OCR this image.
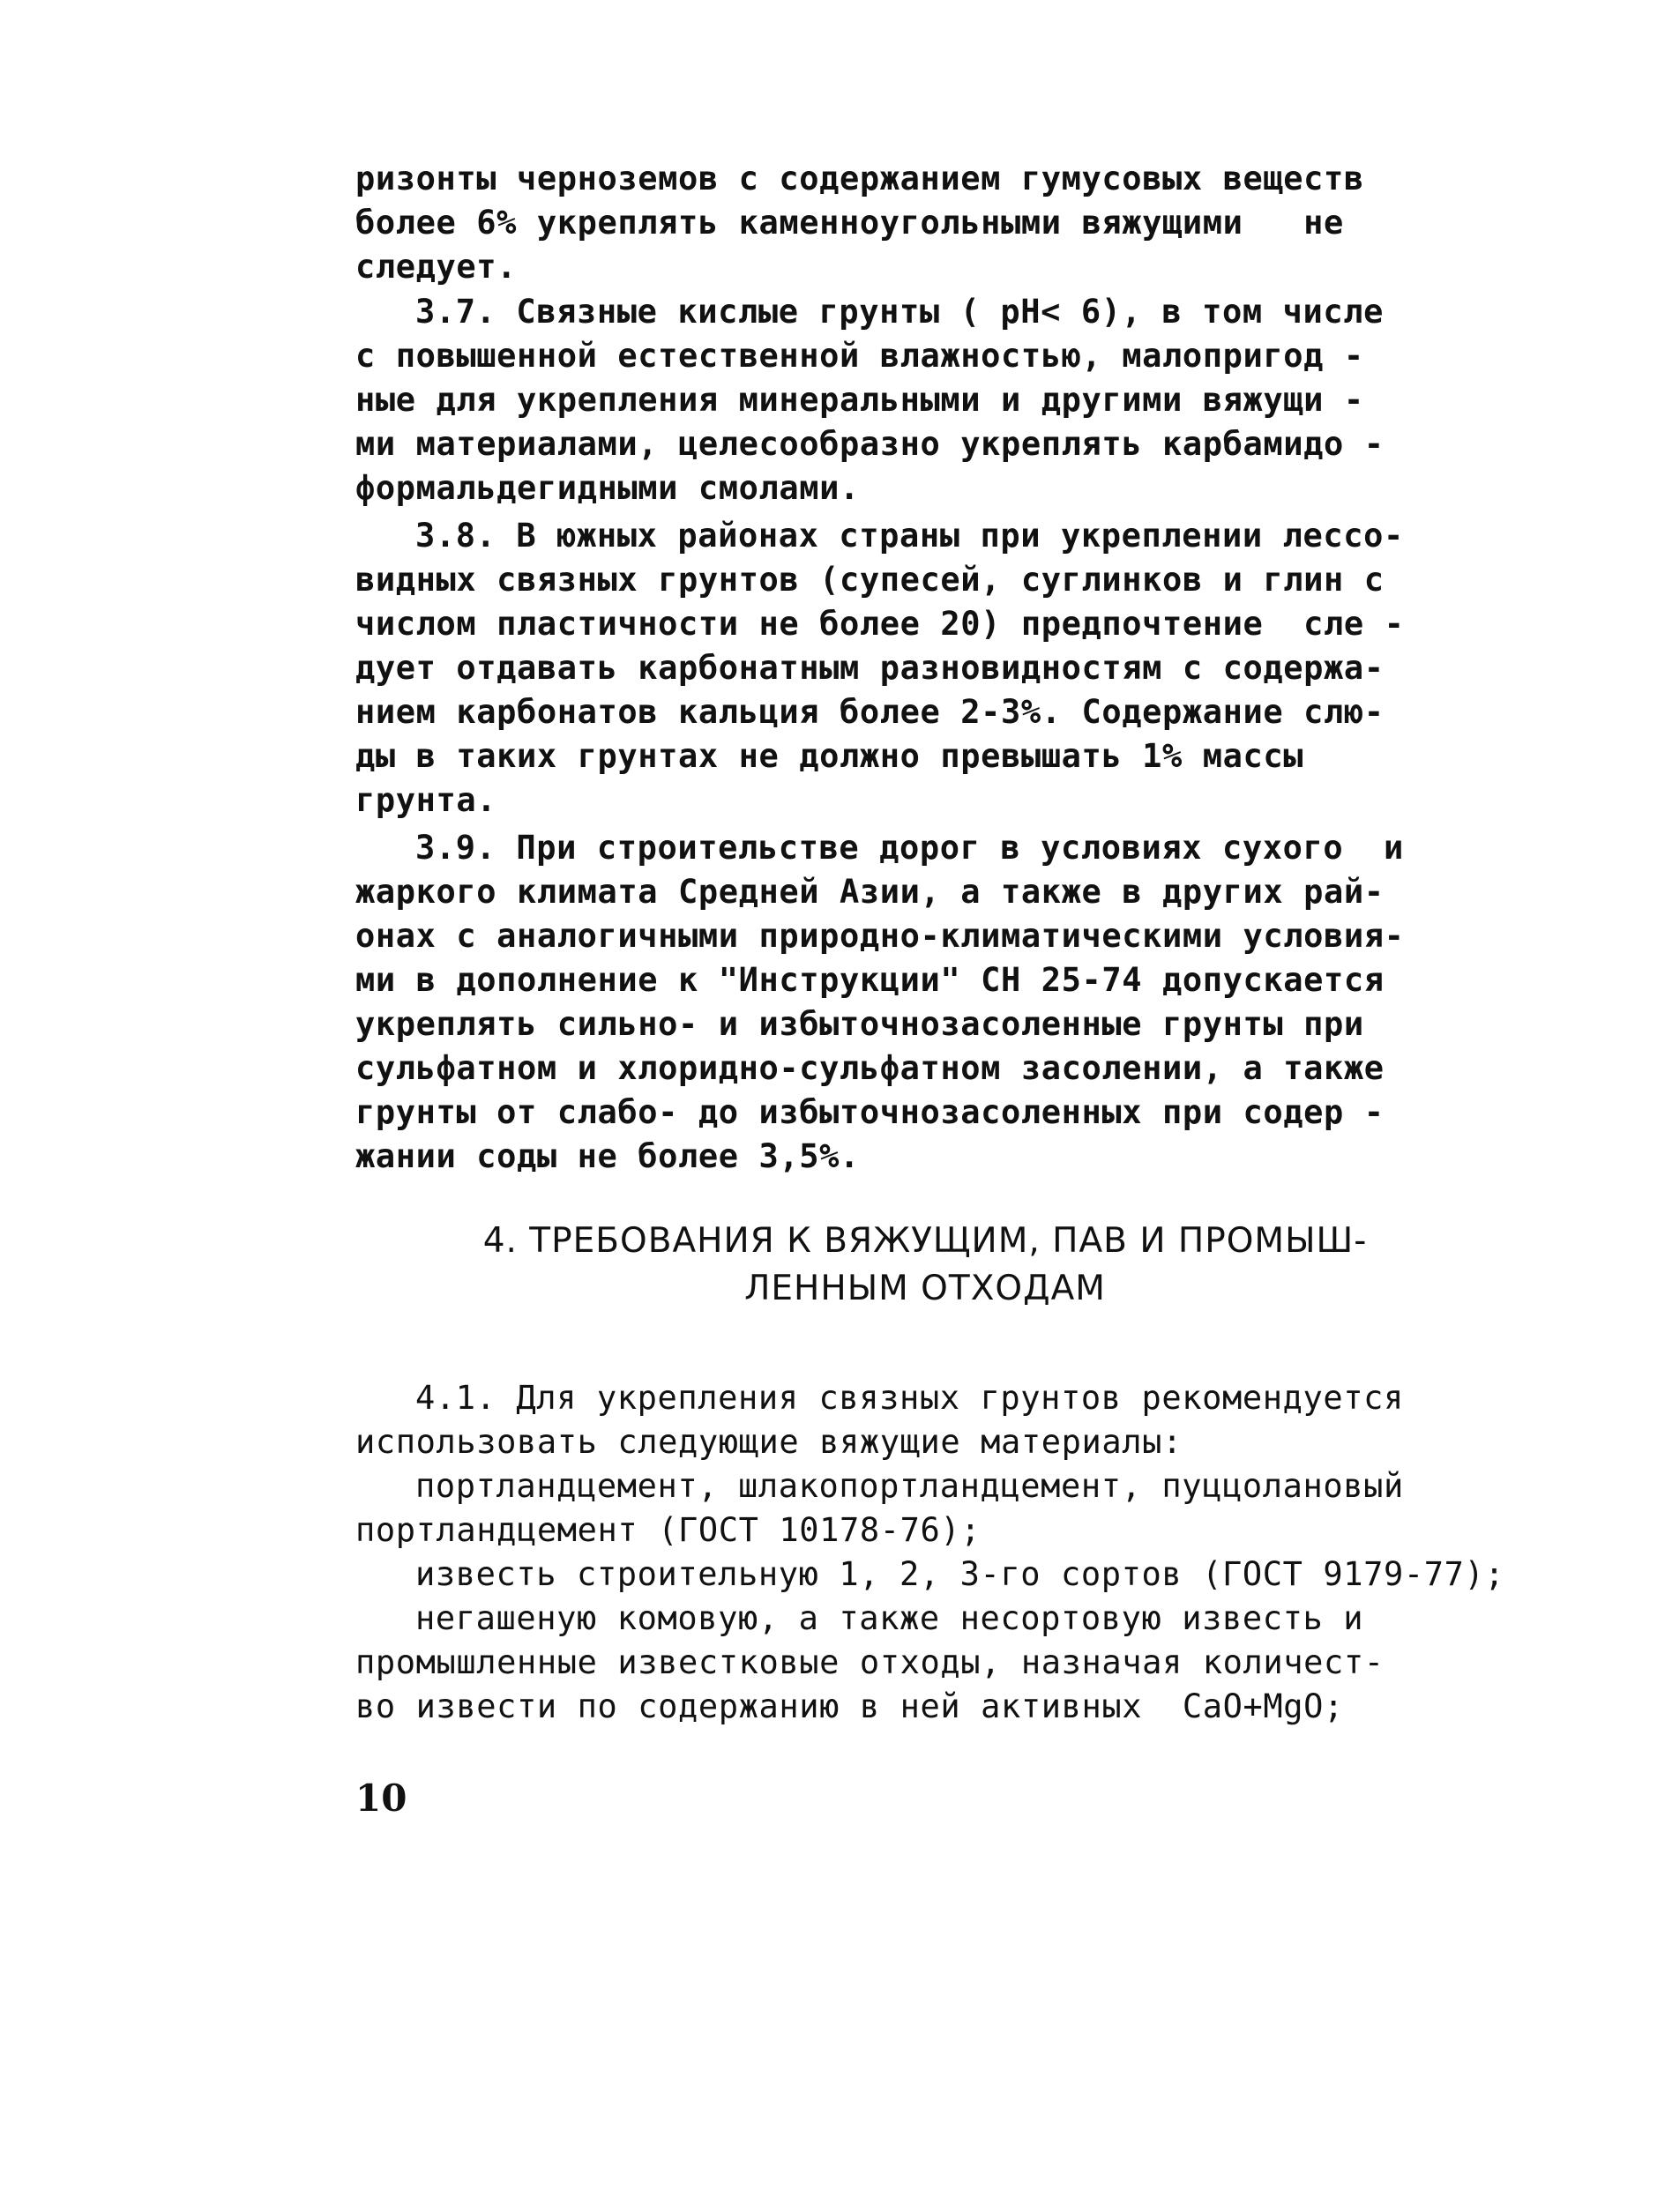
ризонты черноземов с содержанием гумусовых веществ
более 6% укреплять каменноугольными вяжущими   не
следует.
3.7. Связные кислые грунты ( pH< 6), в том числе
с повышенной естественной влажностью, малопригод -
ные для укрепления минеральными и другими вяжущи -
ми материалами, целесообразно укреплять карбамидо -
формальдегидными смолами.
3.8. В южных районах страны при укреплении лессо-
видных связных грунтов (супесей, суглинков и глин с
числом пластичности не более 20) предпочтение  сле -
дует отдавать карбонатным разновидностям с содержа-
нием карбонатов кальция более 2-3%. Содержание слю-
ды в таких грунтах не должно превышать 1% массы
грунта.
3.9. При строительстве дорог в условиях сухого  и
жаркого климата Средней Азии, а также в других рай-
онах с аналогичными природно-климатическими условия-
ми в дополнение к "Инструкции" СН 25-74 допускается
укреплять сильно- и избыточнозасоленные грунты при
сульфатном и хлоридно-сульфатном засолении, а также
грунты от слабо- до избыточнозасоленных при содер -
жании соды не более 3,5%.
4. ТРЕБОВАНИЯ К ВЯЖУЩИМ, ПАВ И ПРОМЫШ-
ЛЕННЫМ ОТХОДАМ
4.1. Для укрепления связных грунтов рекомендуется
использовать следующие вяжущие материалы:
портландцемент, шлакопортландцемент, пуццолановый
портландцемент (ГОСТ 10178-76);
известь строительную 1, 2, 3-го сортов (ГОСТ 9179-77);
негашеную комовую, а также несортовую известь и
промышленные известковые отходы, назначая количест-
во извести по содержанию в ней активных  CaO+MgO;
10
